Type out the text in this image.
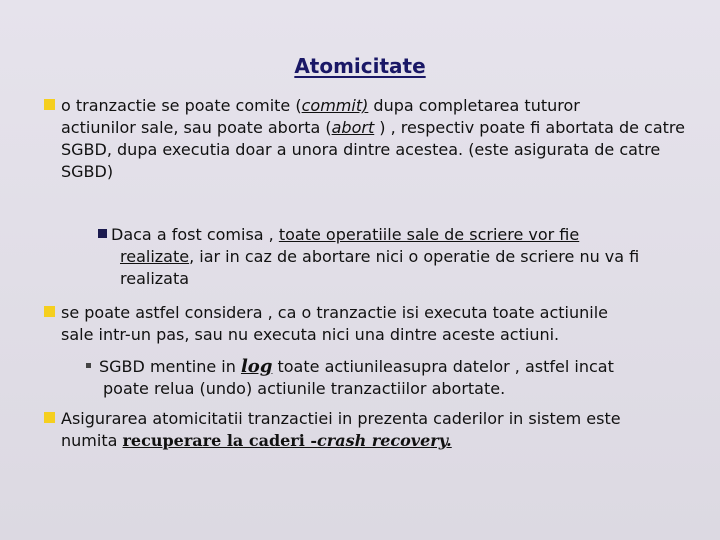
Atomicitate

o tranzactie se poate comite (commit) dupa completarea tuturor
actiunilor sale, sau poate aborta (abort ) , respectiv poate fi abortata de catre SGBD, dupa executia doar a unora dintre acestea. (este asigurata de catre SGBD)

Daca a fost comisa , toate operatiile sale de scriere vor fie
realizate, iar in caz de abortare nici o operatie de scriere nu va fi realizata

se poate astfel considera , ca o tranzactie isi executa toate actiunile
sale intr-un pas, sau nu executa nici una dintre aceste actiuni.

SGBD mentine in log toate actiunileasupra datelor , astfel incat
poate relua (undo) actiunile tranzactiilor abortate.

Asigurarea atomicitatii tranzactiei in prezenta caderilor in sistem este
numita recuperare la caderi -crash recovery.
